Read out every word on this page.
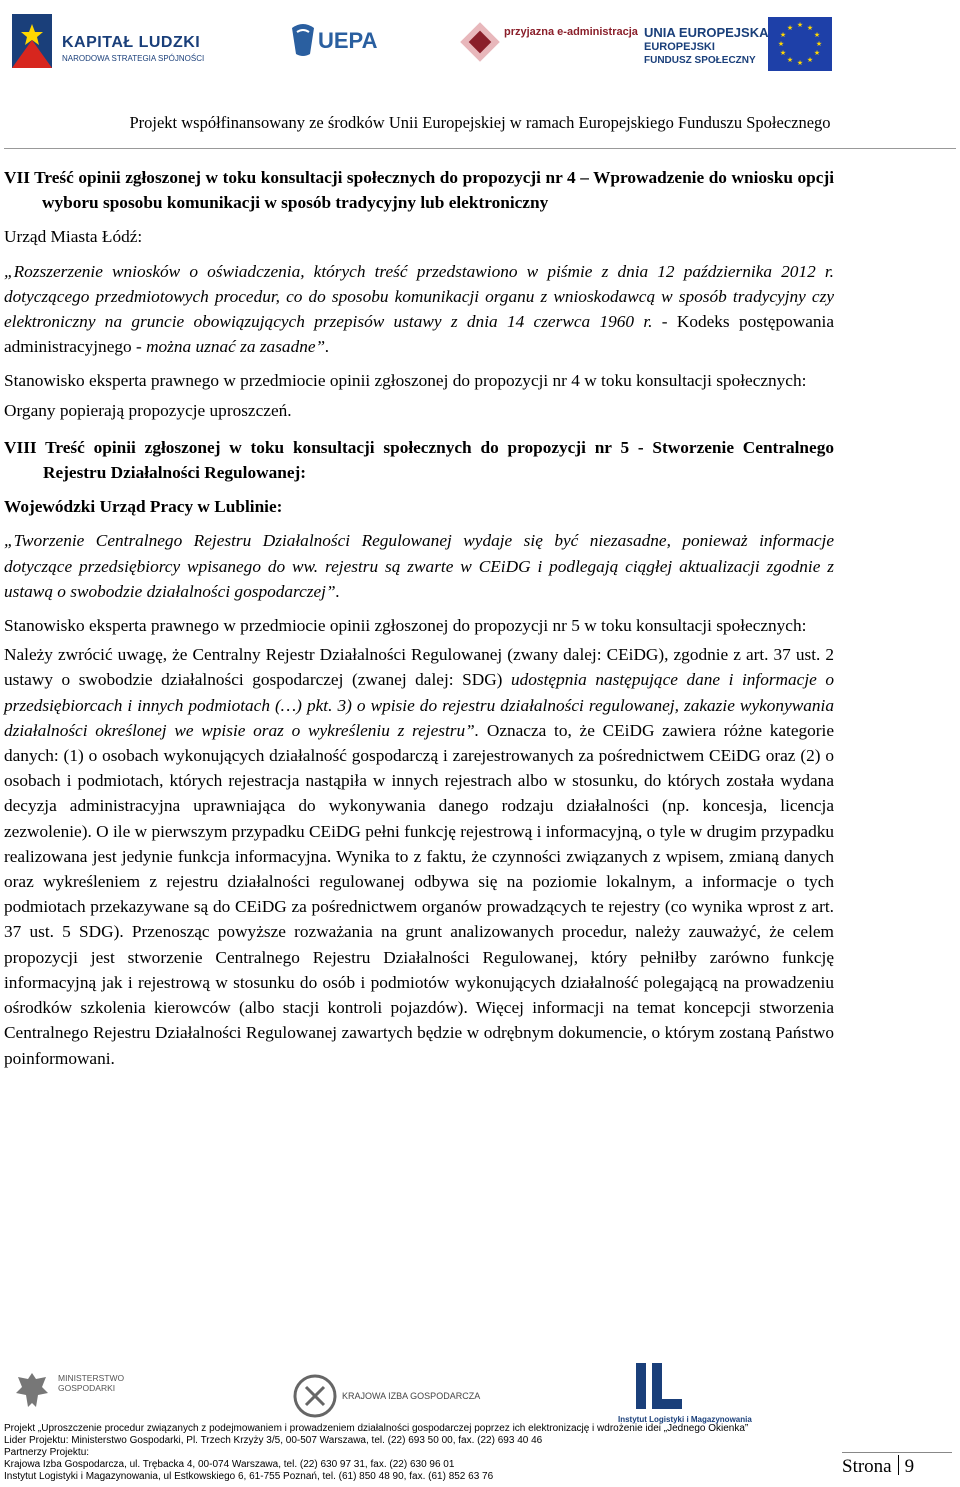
KAPITAŁ LUDZKI
NARODOWA STRATEGIA SPÓJNOŚCI
UEPA	przyjazna e-administracja UNIA EUROPEJSKA
EUROPEJSKI
FUNDUSZ SPOŁECZNY
★ ★
★
★
★
★
★
★
★
★
★
★
Projekt współfinansowany ze środków Unii Europejskiej w ramach Europejskiego Funduszu Społecznego

VII Treść opinii zgłoszonej w toku konsultacji społecznych do propozycji nr 4 – Wprowadzenie do wniosku opcji wyboru sposobu komunikacji w sposób tradycyjny lub elektroniczny

Urząd Miasta Łódź:

„Rozszerzenie wniosków o oświadczenia, których treść przedstawiono w piśmie z dnia 12 października 2012 r. dotyczącego przedmiotowych procedur, co do sposobu komunikacji organu z wnioskodawcą w sposób tradycyjny czy elektroniczny na gruncie obowiązujących przepisów ustawy z dnia 14 czerwca 1960 r. - Kodeks postępowania administracyjnego - można uznać za zasadne”.

Stanowisko eksperta prawnego w przedmiocie opinii zgłoszonej do propozycji nr 4 w toku konsultacji społecznych:

Organy popierają propozycje uproszczeń.

VIII Treść opinii zgłoszonej w toku konsultacji społecznych do propozycji nr 5 - Stworzenie Centralnego Rejestru Działalności Regulowanej:

Wojewódzki Urząd Pracy w Lublinie:

„Tworzenie Centralnego Rejestru Działalności Regulowanej wydaje się być niezasadne, ponieważ informacje dotyczące przedsiębiorcy wpisanego do ww. rejestru są zwarte w CEiDG i podlegają ciągłej aktualizacji zgodnie z ustawą o swobodzie działalności gospodarczej”.

Stanowisko eksperta prawnego w przedmiocie opinii zgłoszonej do propozycji nr 5 w toku konsultacji społecznych:

Należy zwrócić uwagę, że Centralny Rejestr Działalności Regulowanej (zwany dalej: CEiDG), zgodnie z art. 37 ust. 2 ustawy o swobodzie działalności gospodarczej (zwanej dalej: SDG) udostępnia następujące dane i informacje o przedsiębiorcach i innych podmiotach (…) pkt. 3) o wpisie do rejestru działalności regulowanej, zakazie wykonywania działalności określonej we wpisie oraz o wykreśleniu z rejestru”. Oznacza to, że CEiDG zawiera różne kategorie danych: (1) o osobach wykonujących działalność gospodarczą i zarejestrowanych za pośrednictwem CEiDG oraz (2) o osobach i podmiotach, których rejestracja nastąpiła w innych rejestrach albo w stosunku, do których została wydana decyzja administracyjna uprawniająca do wykonywania danego rodzaju działalności (np. koncesja, licencja zezwolenie). O ile w pierwszym przypadku CEiDG pełni funkcję rejestrową i informacyjną, o tyle w drugim przypadku realizowana jest jedynie funkcja informacyjna. Wynika to z faktu, że czynności związanych z wpisem, zmianą danych oraz wykreśleniem z rejestru działalności regulowanej odbywa się na poziomie lokalnym, a informacje o tych podmiotach przekazywane są do CEiDG za pośrednictwem organów prowadzących te rejestry (co wynika wprost z art. 37 ust. 5 SDG). Przenosząc powyższe rozważania na grunt analizowanych procedur, należy zauważyć, że celem propozycji jest stworzenie Centralnego Rejestru Działalności Regulowanej, który pełniłby zarówno funkcję informacyjną jak i rejestrową w stosunku do osób i podmiotów wykonujących działalność polegającą na prowadzeniu ośrodków szkolenia kierowców (albo stacji kontroli pojazdów). Więcej informacji na temat koncepcji stworzenia Centralnego Rejestru Działalności Regulowanej zawartych będzie w odrębnym dokumencie, o którym zostaną Państwo poinformowani.

MINISTERSTWO
GOSPODARKI
KRAJOWA IZBA GOSPODARCZA
Instytut Logistyki i Magazynowania
Projekt „Uproszczenie procedur związanych z podejmowaniem i prowadzeniem działalności gospodarczej poprzez ich elektronizację i wdrożenie idei „Jednego Okienka”
Lider Projektu: Ministerstwo Gospodarki, Pl. Trzech Krzyży 3/5, 00-507 Warszawa, tel. (22) 693 50 00, fax. (22) 693 40 46
Partnerzy Projektu:
Krajowa Izba Gospodarcza, ul. Trębacka 4, 00-074 Warszawa, tel. (22) 630 97 31, fax. (22) 630 96 01
Instytut Logistyki i Magazynowania, ul Estkowskiego 6, 61-755 Poznań, tel. (61) 850 48 90, fax. (61) 852 63 76	Strona 9
